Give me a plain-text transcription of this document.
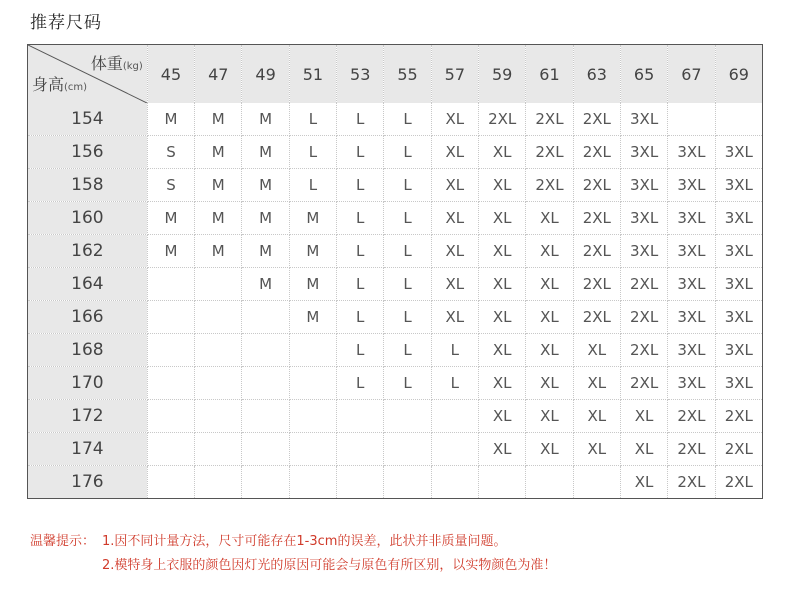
推荐尺码
体重(kg)
身高(cm)	45	47	49	51	53	55	57	59	61	63	65	67	69
154	M	M	M	L	L	L	XL	2XL	2XL	2XL	3XL		
156	S	M	M	L	L	L	XL	XL	2XL	2XL	3XL	3XL	3XL
158	S	M	M	L	L	L	XL	XL	2XL	2XL	3XL	3XL	3XL
160	M	M	M	M	L	L	XL	XL	XL	2XL	3XL	3XL	3XL
162	M	M	M	M	L	L	XL	XL	XL	2XL	3XL	3XL	3XL
164			M	M	L	L	XL	XL	XL	2XL	2XL	3XL	3XL
166				M	L	L	XL	XL	XL	2XL	2XL	3XL	3XL
168					L	L	L	XL	XL	XL	2XL	3XL	3XL
170					L	L	L	XL	XL	XL	2XL	3XL	3XL
172								XL	XL	XL	XL	2XL	2XL
174								XL	XL	XL	XL	2XL	2XL
176											XL	2XL	2XL
温馨提示： 1.因不同计量方法，尺寸可能存在1-3cm的误差，此状并非质量问题。
2.模特身上衣服的颜色因灯光的原因可能会与原色有所区别，以实物颜色为准！
